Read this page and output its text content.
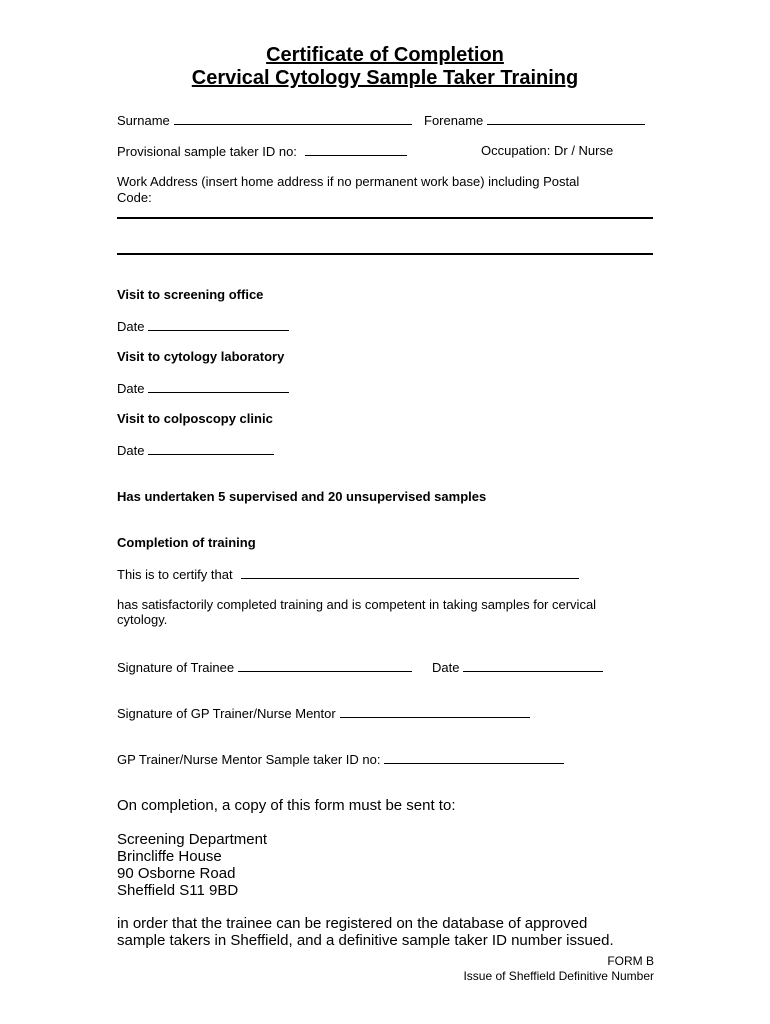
Certificate of Completion
Cervical Cytology Sample Taker Training
Surname	Forename
Provisional sample taker ID no:	Occupation: Dr / Nurse
Work Address (insert home address if no permanent work base) including Postal
Code:
Visit to screening office
Date
Visit to cytology laboratory
Date
Visit to colposcopy clinic
Date
Has undertaken 5 supervised and 20 unsupervised samples
Completion of training
This is to certify that
has satisfactorily completed training and is competent in taking samples for cervical
cytology.
Signature of Trainee	Date
Signature of GP Trainer/Nurse Mentor
GP Trainer/Nurse Mentor Sample taker ID no:
On completion, a copy of this form must be sent to:
Screening Department
Brincliffe House
90 Osborne Road
Sheffield S11 9BD
in order that the trainee can be registered on the database of approved
sample takers in Sheffield, and a definitive sample taker ID number issued.
FORM B
Issue of Sheffield Definitive Number
